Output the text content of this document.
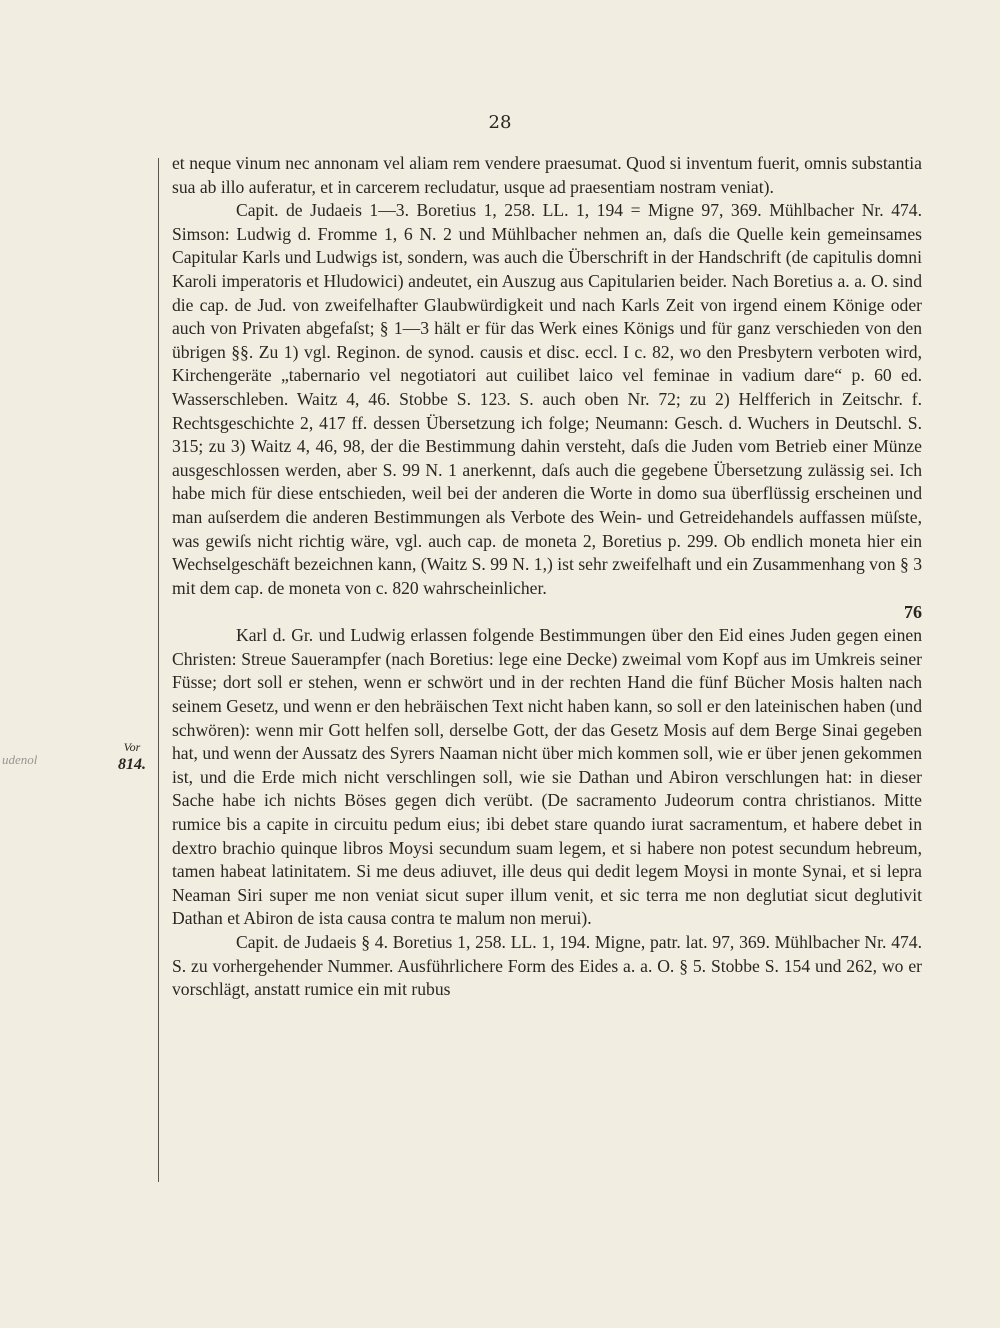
28
Vor
814.
udenol

et neque vinum nec annonam vel aliam rem vendere praesumat. Quod si inventum fuerit, omnis substantia sua ab illo auferatur, et in carcerem recludatur, usque ad praesentiam nostram veniat).

Capit. de Judaeis 1—3. Boretius 1, 258. LL. 1, 194 = Migne 97, 369. Mühlbacher Nr. 474. Simson: Ludwig d. Fromme 1, 6 N. 2 und Mühlbacher nehmen an, daſs die Quelle kein gemeinsames Capitular Karls und Ludwigs ist, sondern, was auch die Überschrift in der Handschrift (de capitulis domni Karoli imperatoris et Hludowici) andeutet, ein Auszug aus Capitularien beider. Nach Boretius a. a. O. sind die cap. de Jud. von zweifelhafter Glaubwürdigkeit und nach Karls Zeit von irgend einem Könige oder auch von Privaten abgefaſst; § 1—3 hält er für das Werk eines Königs und für ganz verschieden von den übrigen §§. Zu 1) vgl. Reginon. de synod. causis et disc. eccl. I c. 82, wo den Presbytern verboten wird, Kirchengeräte „tabernario vel negotiatori aut cuilibet laico vel feminae in vadium dare“ p. 60 ed. Wasserschleben. Waitz 4, 46. Stobbe S. 123. S. auch oben Nr. 72; zu 2) Helfferich in Zeitschr. f. Rechtsgeschichte 2, 417 ff. dessen Übersetzung ich folge; Neumann: Gesch. d. Wuchers in Deutschl. S. 315; zu 3) Waitz 4, 46, 98, der die Bestimmung dahin versteht, daſs die Juden vom Betrieb einer Münze ausgeschlossen werden, aber S. 99 N. 1 anerkennt, daſs auch die gegebene Übersetzung zulässig sei. Ich habe mich für diese entschieden, weil bei der anderen die Worte in domo sua überflüssig erscheinen und man auſserdem die anderen Bestimmungen als Verbote des Wein- und Getreidehandels auffassen müſste, was gewiſs nicht richtig wäre, vgl. auch cap. de moneta 2, Boretius p. 299. Ob endlich moneta hier ein Wechselgeschäft bezeichnen kann, (Waitz S. 99 N. 1,) ist sehr zweifelhaft und ein Zusammenhang von § 3 mit dem cap. de moneta von c. 820 wahrscheinlicher.

76

Karl d. Gr. und Ludwig erlassen folgende Bestimmungen über den Eid eines Juden gegen einen Christen: Streue Sauerampfer (nach Boretius: lege eine Decke) zweimal vom Kopf aus im Umkreis seiner Füsse; dort soll er stehen, wenn er schwört und in der rechten Hand die fünf Bücher Mosis halten nach seinem Gesetz, und wenn er den hebräischen Text nicht haben kann, so soll er den lateinischen haben (und schwören): wenn mir Gott helfen soll, derselbe Gott, der das Gesetz Mosis auf dem Berge Sinai gegeben hat, und wenn der Aussatz des Syrers Naaman nicht über mich kommen soll, wie er über jenen gekommen ist, und die Erde mich nicht verschlingen soll, wie sie Dathan und Abiron verschlungen hat: in dieser Sache habe ich nichts Böses gegen dich verübt. (De sacramento Judeorum contra christianos. Mitte rumice bis a capite in circuitu pedum eius; ibi debet stare quando iurat sacramentum, et habere debet in dextro brachio quinque libros Moysi secundum suam legem, et si habere non potest secundum hebreum, tamen habeat latinitatem. Si me deus adiuvet, ille deus qui dedit legem Moysi in monte Synai, et si lepra Neaman Siri super me non veniat sicut super illum venit, et sic terra me non deglutiat sicut deglutivit Dathan et Abiron de ista causa contra te malum non merui).

Capit. de Judaeis § 4. Boretius 1, 258. LL. 1, 194. Migne, patr. lat. 97, 369. Mühlbacher Nr. 474. S. zu vorhergehender Nummer. Ausführlichere Form des Eides a. a. O. § 5. Stobbe S. 154 und 262, wo er vorschlägt, anstatt rumice ein mit rubus
